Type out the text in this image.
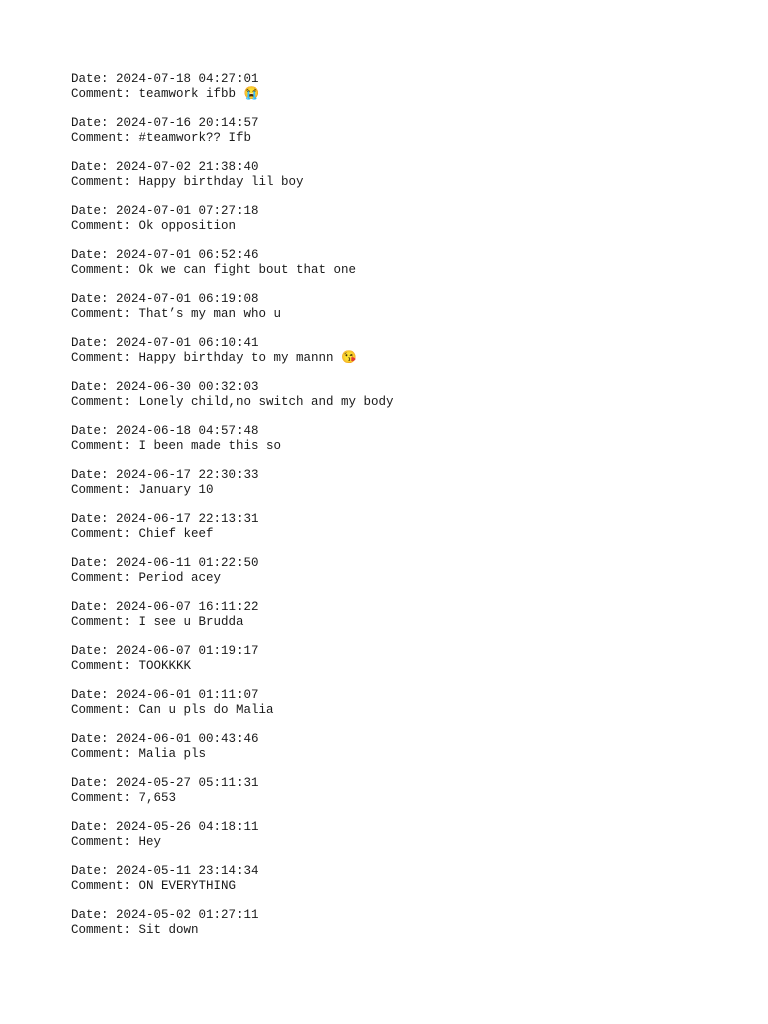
Date: 2024-07-18 04:27:01
Comment: teamwork ifbb 😭
Date: 2024-07-16 20:14:57
Comment: #teamwork?? Ifb
Date: 2024-07-02 21:38:40
Comment: Happy birthday lil boy
Date: 2024-07-01 07:27:18
Comment: Ok opposition
Date: 2024-07-01 06:52:46
Comment: Ok we can fight bout that one
Date: 2024-07-01 06:19:08
Comment: That’s my man who u
Date: 2024-07-01 06:10:41
Comment: Happy birthday to my mannn 😘
Date: 2024-06-30 00:32:03
Comment: Lonely child,no switch and my body
Date: 2024-06-18 04:57:48
Comment: I been made this so
Date: 2024-06-17 22:30:33
Comment: January 10
Date: 2024-06-17 22:13:31
Comment: Chief keef
Date: 2024-06-11 01:22:50
Comment: Period acey
Date: 2024-06-07 16:11:22
Comment: I see u Brudda
Date: 2024-06-07 01:19:17
Comment: TOOKKKK
Date: 2024-06-01 01:11:07
Comment: Can u pls do Malia
Date: 2024-06-01 00:43:46
Comment: Malia pls
Date: 2024-05-27 05:11:31
Comment: 7,653
Date: 2024-05-26 04:18:11
Comment: Hey
Date: 2024-05-11 23:14:34
Comment: ON EVERYTHING
Date: 2024-05-02 01:27:11
Comment: Sit down
